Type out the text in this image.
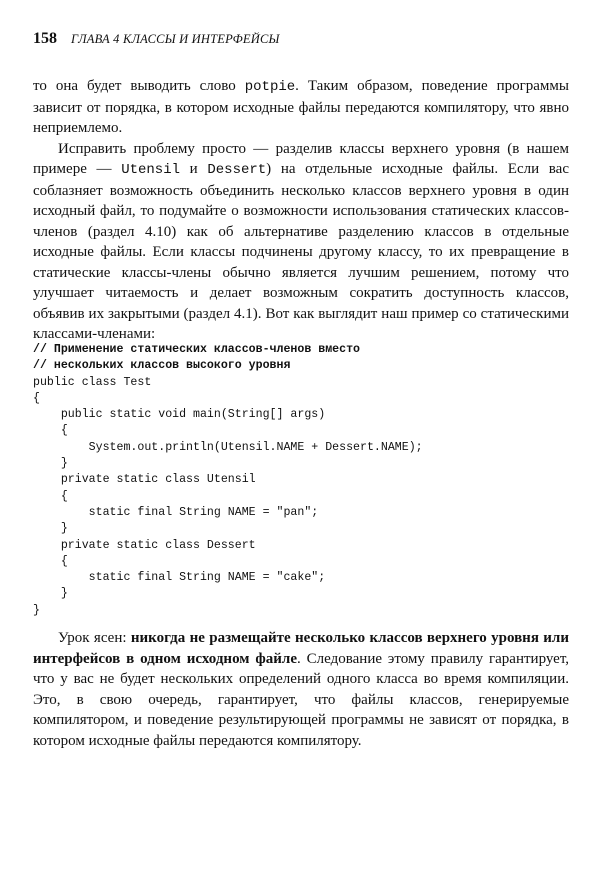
158 ГЛАВА 4 КЛАССЫ И ИНТЕРФЕЙСЫ

то она будет выводить слово potpie. Таким образом, поведение программы зависит от порядка, в котором исходные файлы передаются компилятору, что явно неприемлемо.

Исправить проблему просто — разделив классы верхнего уровня (в нашем примере — Utensil и Dessert) на отдельные исходные файлы. Если вас соблазняет возможность объединить несколько классов верхнего уровня в один исходный файл, то подумайте о возможности использования статических классов-членов (раздел 4.10) как об альтернативе разделению классов в отдельные исходные файлы. Если классы подчинены другому классу, то их превращение в статические классы-члены обычно является лучшим решением, потому что улучшает читаемость и делает возможным сократить доступность классов, объявив их закрытыми (раздел 4.1). Вот как выглядит наш пример со статическими классами-членами:

// Применение статических классов-членов вместо
// нескольких классов высокого уровня
public class Test
{
public static void main(String[] args)
{
System.out.println(Utensil.NAME + Dessert.NAME);
}
private static class Utensil
{
static final String NAME = "pan";
}
private static class Dessert
{
static final String NAME = "cake";
}
}

Урок ясен: никогда не размещайте несколько классов верхнего уровня или интерфейсов в одном исходном файле. Следование этому правилу гарантирует, что у вас не будет нескольких определений одного класса во время компиляции. Это, в свою очередь, гарантирует, что файлы классов, генерируемые компилятором, и поведение результирующей программы не зависят от порядка, в котором исходные файлы передаются компилятору.
